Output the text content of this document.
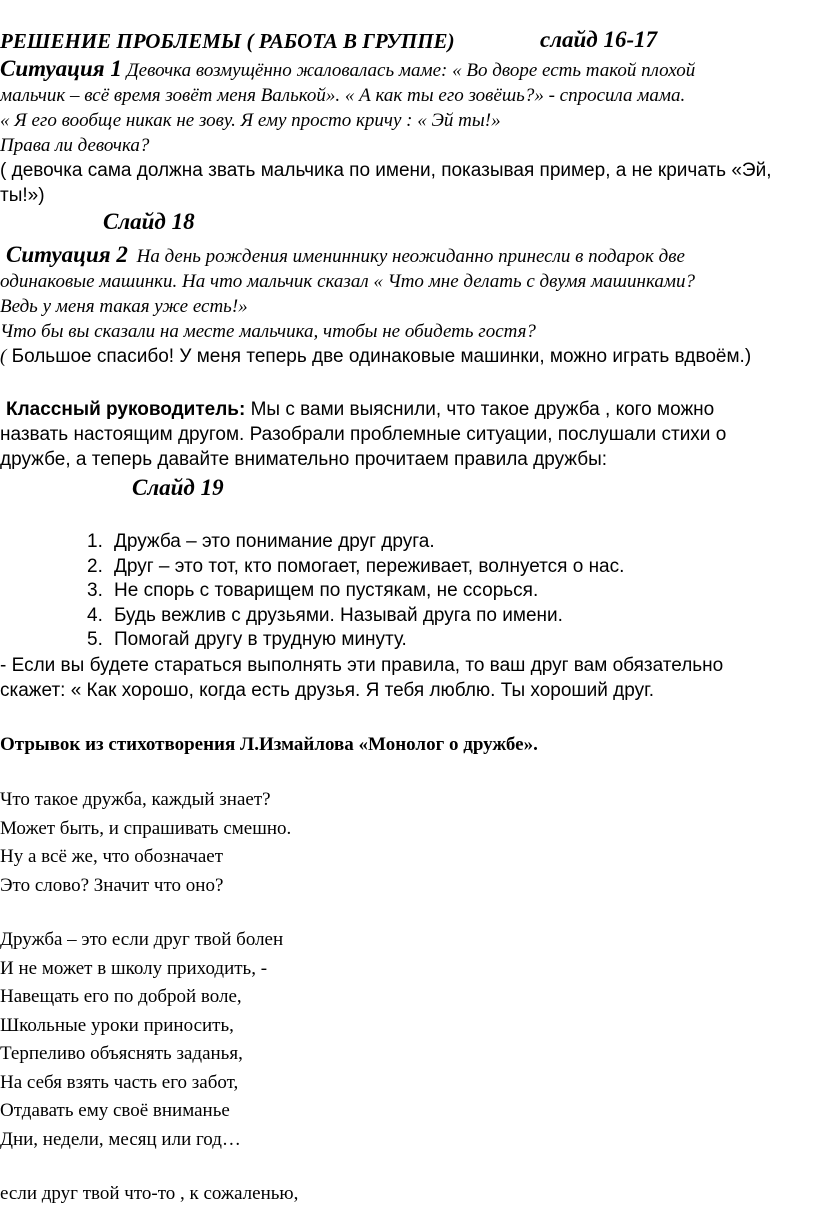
РЕШЕНИЕ ПРОБЛЕМЫ ( РАБОТА В ГРУППЕ)	слайд 16-17
Ситуация 1 Девочка возмущённо жаловалась маме: « Во дворе есть такой плохой
мальчик – всё время зовёт меня Валькой». « А как ты его зовёшь?» - спросила мама.
« Я его вообще никак не зову. Я ему просто кричу : « Эй ты!»
Права ли девочка?
( девочка сама должна звать мальчика по имени, показывая пример, а не кричать «Эй,
ты!»)
Слайд 18
Ситуация 2 На день рождения имениннику неожиданно принесли в подарок две
одинаковые машинки. На что мальчик сказал « Что мне делать с двумя машинками?
Ведь у меня такая уже есть!»
Что бы вы сказали на месте мальчика, чтобы не обидеть гостя?
( Большое спасибо! У меня теперь две одинаковые машинки, можно играть вдвоём.)
Классный руководитель: Мы с вами выяснили, что такое дружба , кого можно
назвать настоящим другом. Разобрали проблемные ситуации, послушали стихи о
дружбе, а теперь давайте внимательно прочитаем правила дружбы:
Слайд 19
1. Дружба – это понимание друг друга.
2. Друг – это тот, кто помогает, переживает, волнуется о нас.
3. Не спорь с товарищем по пустякам, не ссорься.
4. Будь вежлив с друзьями. Называй друга по имени.
5. Помогай другу в трудную минуту.
- Если вы будете стараться выполнять эти правила, то ваш друг вам обязательно
скажет: « Как хорошо, когда есть друзья. Я тебя люблю. Ты хороший друг.
Отрывок из стихотворения Л.Измайлова «Монолог о дружбе».
Что такое дружба, каждый знает?
Может быть, и спрашивать смешно.
Ну а всё же, что обозначает
Это слово? Значит что оно?
Дружба – это если друг твой болен
И не может в школу приходить, -
Навещать его по доброй воле,
Школьные уроки приносить,
Терпеливо объяснять заданья,
На себя взять часть его забот,
Отдавать ему своё вниманье
Дни, недели, месяц или год…
если друг твой что-то , к сожаленью,
